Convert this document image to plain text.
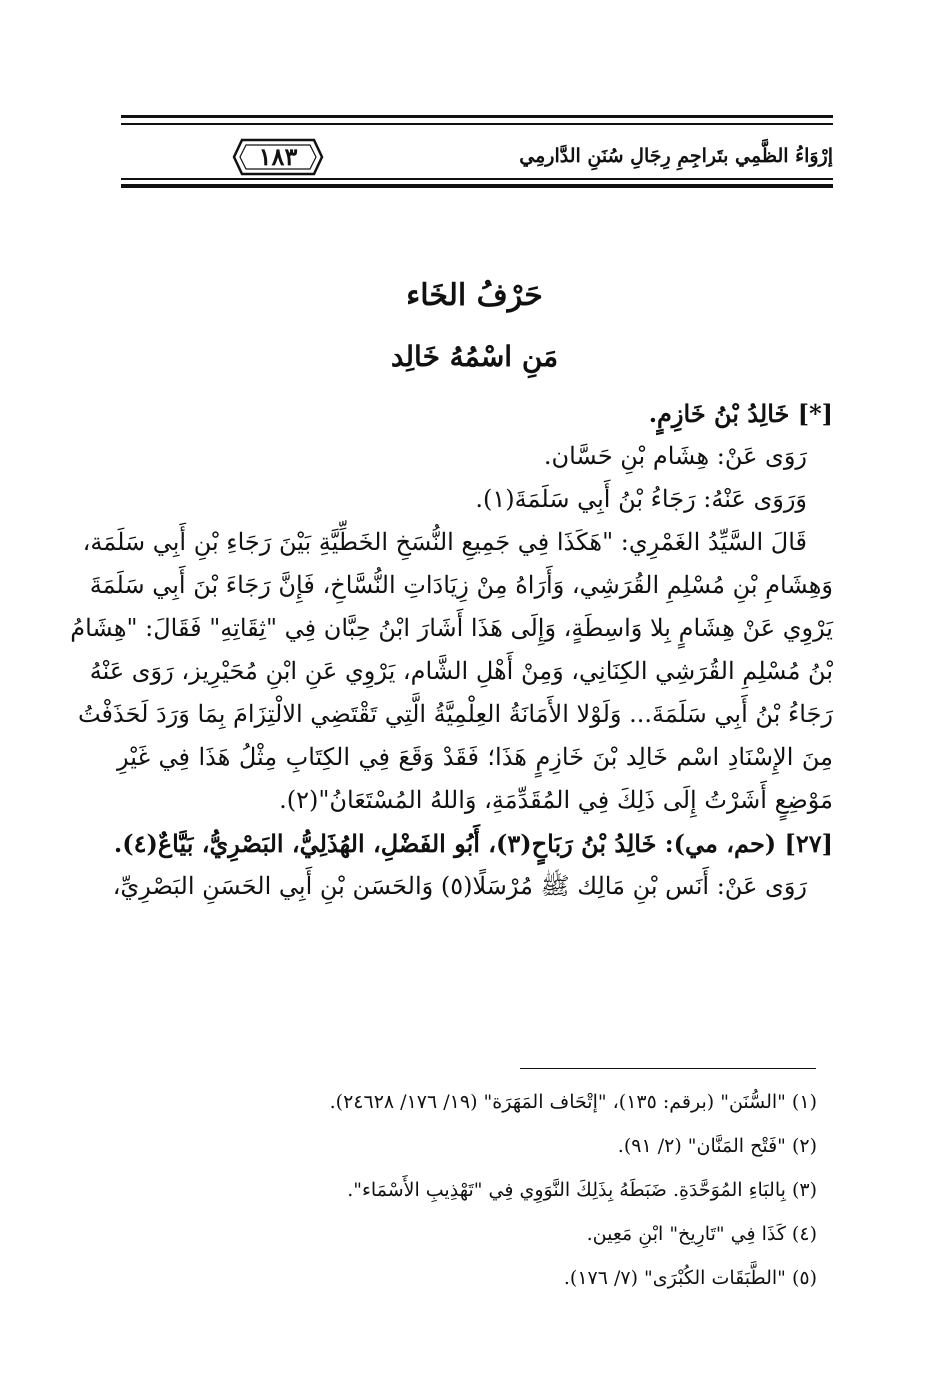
إرْوَاءُ الظَّمِي بتَراجِمِ رِجَالِ سُنَنِ الدَّارمِي
١٨٣
حَرْفُ الخَاء
مَنِ اسْمُهُ خَالِد
[*] خَالِدُ بْنُ خَازِمٍ.
رَوَى عَنْ: هِشَام بْنِ حَسَّان.
وَرَوَى عَنْهُ: رَجَاءُ بْنُ أَبِي سَلَمَةَ(١).
قَالَ السَّيِّدُ الغَمْرِي: "هَكَذَا فِي جَمِيعِ النُّسَخِ الخَطِّيَّةِ بَيْنَ رَجَاءِ بْنِ أَبِي سَلَمَة،
وَهِشَامِ بْنِ مُسْلِمِ القُرَشِي، وَأَرَاهُ مِنْ زِيَادَاتِ النُّسَّاخِ، فَإِنَّ رَجَاءَ بْنَ أَبِي سَلَمَةَ
يَرْوِي عَنْ هِشَامٍ بِلا وَاسِطَةٍ، وَإِلَى هَذَا أَشَارَ ابْنُ حِبَّان فِي "ثِقَاتِهِ" فَقَالَ: "هِشَامُ
بْنُ مُسْلِمِ القُرَشِي الكِنَانِي، وَمِنْ أَهْلِ الشَّام، يَرْوِي عَنِ ابْنِ مُحَيْرِيز، رَوَى عَنْهُ
رَجَاءُ بْنُ أَبِي سَلَمَةَ... وَلَوْلا الأَمَانَةُ العِلْمِيَّةُ الَّتِي تَقْتَضِي الالْتِزَامَ بِمَا وَرَدَ لَحَذَفْتُ
مِنَ الإِسْنَادِ اسْم خَالِد بْنَ خَازِمٍ هَذَا؛ فَقَدْ وَقَعَ فِي الكِتَابِ مِثْلُ هَذَا فِي غَيْرِ
مَوْضِعٍ أَشَرْتُ إِلَى ذَلِكَ فِي المُقَدِّمَةِ، وَاللهُ المُسْتَعَانُ"(٢).
[٢٧] (حم، مي): خَالِدُ بْنُ رَبَاحٍ(٣)، أَبُو الفَضْلِ، الهُذَلِيُّ، البَصْرِيُّ، بَيَّاعٌ(٤).
رَوَى عَنْ: أَنَس بْنِ مَالِك ﷺ مُرْسَلًا(٥) وَالحَسَن بْنِ أَبِي الحَسَنِ البَصْرِيِّ،
(١) "السُّنَن" (برقم: ١٣٥)، "إتْحَاف المَهَرَة" (١٩/ ١٧٦/ ٢٤٦٢٨).
(٢) "فَتْح المَنَّان" (٢/ ٩١).
(٣) بِالبَاءِ المُوَحَّدَةِ. ضَبَطَهُ بِذَلِكَ النَّوَوِي فِي "تَهْذِيبِ الأَسْمَاء".
(٤) كَذَا فِي "تَارِيخ" ابْنِ مَعِين.
(٥) "الطَّبَقَات الكُبْرَى" (٧/ ١٧٦).
